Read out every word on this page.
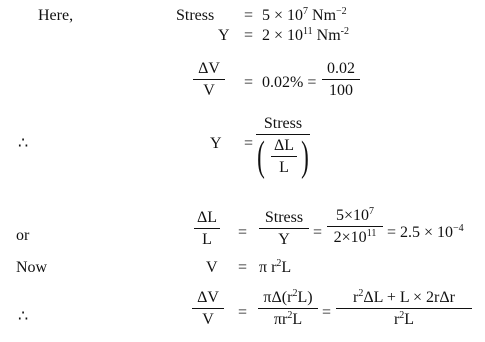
Here,	Stress = $5 \times 10^7$ $Nm^{-2}$
$Y = 2 \times 10^{11}$ $Nm^{-2}$
ΔV
V	= 0.02% =
0.02
100
∴	Y =
Stress
( ΔL
L )
or
ΔL
L	=
Stress
Y	=
$5\times 10^7$
$2\times 10^{11} = 2.5 \times 10^{-4}$
Now	V = π $r^2L$
∴
ΔV
V	=
$\pi\Delta(r^2L)$
$\pi r^2L$	=
$r^2\Delta L + L \times 2r\Delta r$
$r^2L$
